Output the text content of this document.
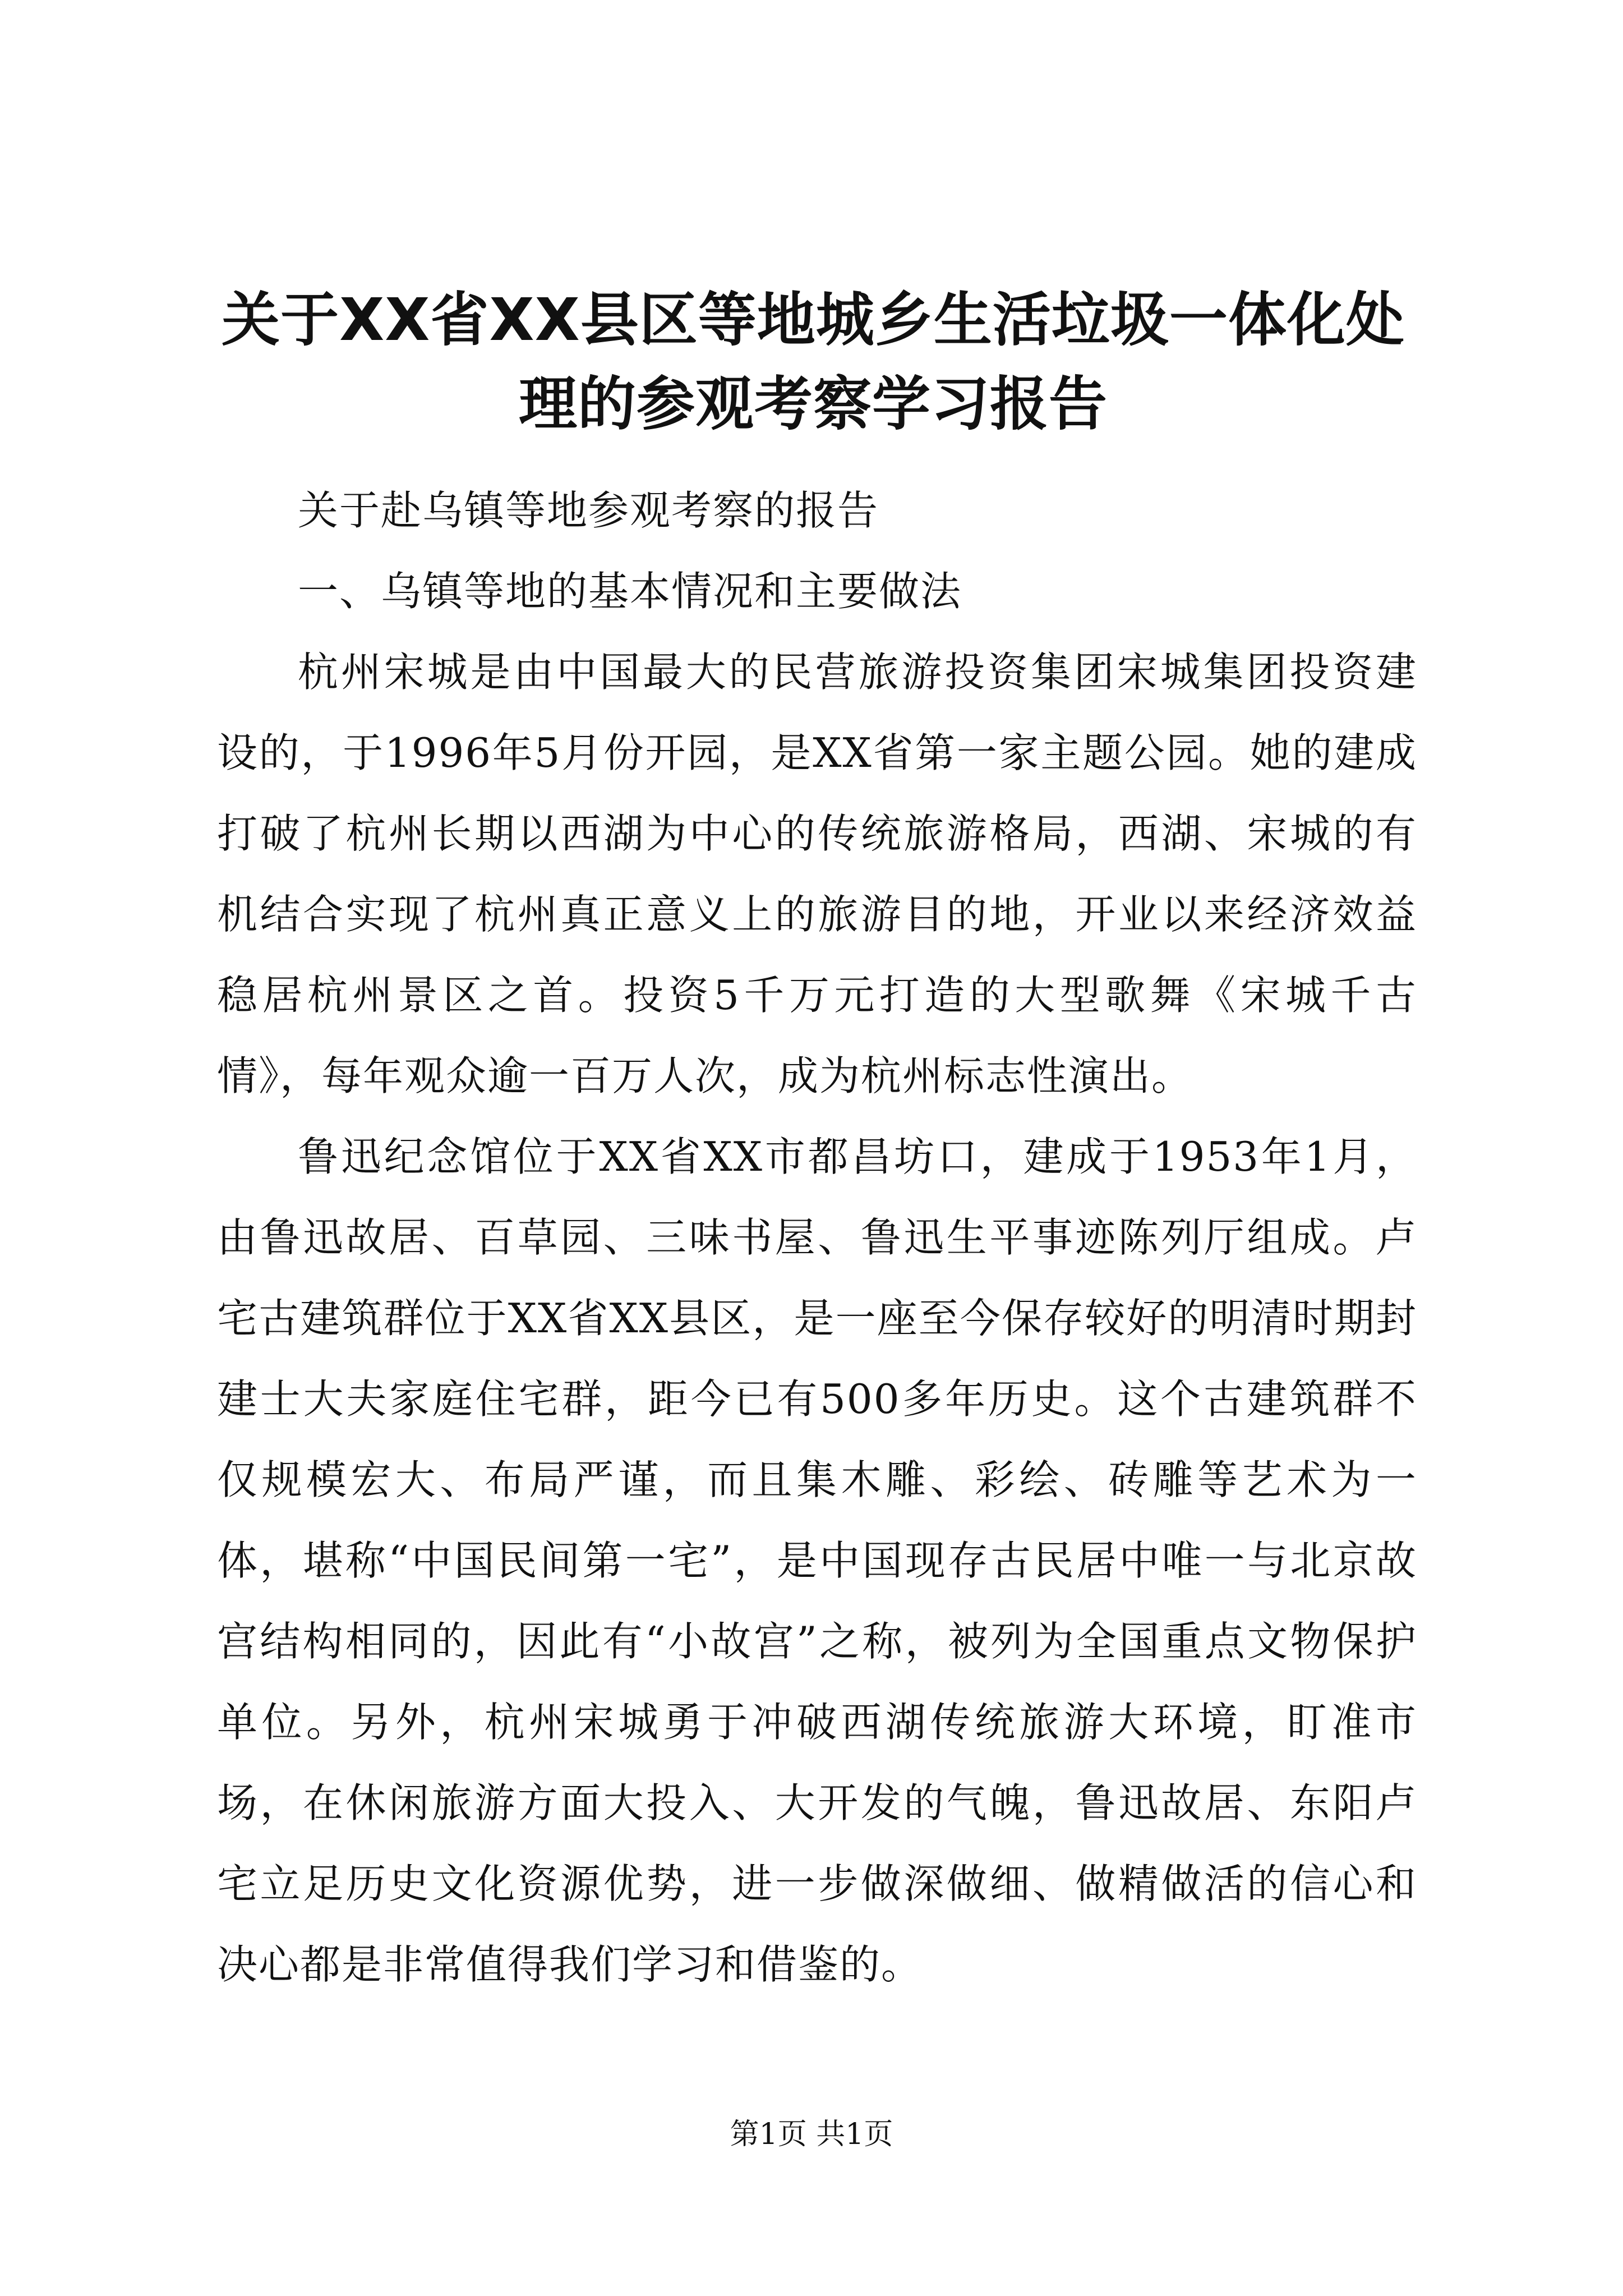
关于XX省XX县区等地城乡生活垃圾一体化处理的参观考察学习报告

关于赴乌镇等地参观考察的报告

一、乌镇等地的基本情况和主要做法

杭州宋城是由中国最大的民营旅游投资集团宋城集团投资建设的，于1996年5月份开园，是XX省第一家主题公园。她的建成打破了杭州长期以西湖为中心的传统旅游格局，西湖、宋城的有机结合实现了杭州真正意义上的旅游目的地，开业以来经济效益稳居杭州景区之首。投资5千万元打造的大型歌舞《宋城千古情》，每年观众逾一百万人次，成为杭州标志性演出。

鲁迅纪念馆位于XX省XX市都昌坊口，建成于1953年1月，由鲁迅故居、百草园、三味书屋、鲁迅生平事迹陈列厅组成。卢宅古建筑群位于XX省XX县区，是一座至今保存较好的明清时期封建士大夫家庭住宅群，距今已有500多年历史。这个古建筑群不仅规模宏大、布局严谨，而且集木雕、彩绘、砖雕等艺术为一体，堪称“中国民间第一宅”，是中国现存古民居中唯一与北京故宫结构相同的，因此有“小故宫”之称，被列为全国重点文物保护单位。另外，杭州宋城勇于冲破西湖传统旅游大环境，盯准市场，在休闲旅游方面大投入、大开发的气魄，鲁迅故居、东阳卢宅立足历史文化资源优势，进一步做深做细、做精做活的信心和决心都是非常值得我们学习和借鉴的。

第1页 共1页
